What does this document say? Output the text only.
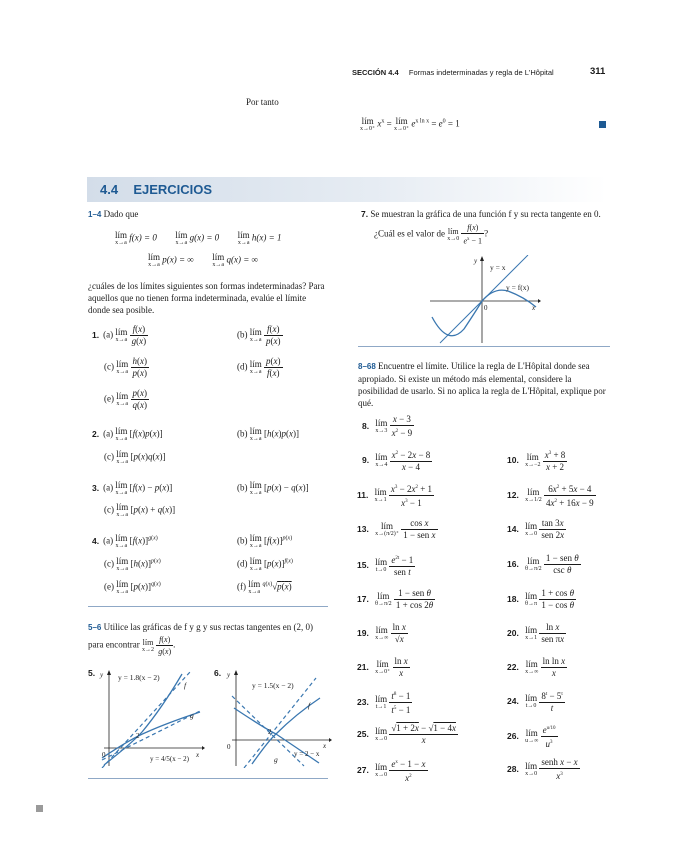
SECCIÓN 4.4 Formas indeterminadas y regla de L'Hôpital	311
Por tanto
lím
x→0⁺
$x^x$ = lím
x→0⁺
$e^{x ln x} = e^0 = 1$
4.4 EJERCICIOS
1–4 Dado que
lím
x→a
f(x) = 0 lím
x→a
g(x) = 0 lím
x→a
h(x) = 1
lím
x→a
p(x) = ∞ lím
x→a
q(x) = ∞
¿cuáles de los límites siguientes son formas indeterminadas? Para aquellos que no tienen forma indeterminada, evalúe el límite donde sea posible.
1. (a) lím
x→a
$\frac{f(x)}{g(x)}$	(b) lím
x→a
$\frac{f(x)}{p(x)}$
(c) lím
x→a
$\frac{h(x)}{p(x)}$	(d) lím
x→a
$\frac{p(x)}{f(x)}$
(e) lím
x→a
$\frac{p(x)}{q(x)}$
2. (a) lím
x→a
[f(x)p(x)]	(b) lím
x→a
[h(x)p(x)]
(c) lím
x→a
[p(x)q(x)]
3. (a) lím
x→a
[f(x) − p(x)]	(b) lím
x→a
[p(x) − q(x)]
(c) lím
x→a
[p(x) + q(x)]
4. (a) lím
x→a
$[f(x)]^{g(x)}$	(b) lím
x→a
$[f(x)]^{p(x)}$
(c) lím
x→a
$[h(x)]^{p(x)}$	(d) lím
x→a
$[p(x)]^{f(x)}$
(e) lím
x→a
$[p(x)]^{q(x)}$	(f) lím
x→a
$^{q(x)}$√p(x)
5–6 Utilice las gráficas de f y g y sus rectas tangentes en (2, 0) para encontrar lím
x→2
$\frac{f(x)}{g(x)}$ .
5.	y = 1.8(x − 2)
f
g
2
0	x
y
y = 4/5(x − 2)
6.
y = 1.5(x − 2)
f
g
2
0	x
y
y = 2 − x
7. Se muestran la gráfica de una función f y su recta tangente en 0.
¿Cuál es el valor de lím
x→0
$\frac{f(x)}{e^x - 1}$ ?
y = x
y = f(x)
0	x
y
8–68 Encuentre el límite. Utilice la regla de L'Hôpital donde sea apropiado. Si existe un método más elemental, considere la posibilidad de usarlo. Si no aplica la regla de L'Hôpital, explique por qué.
8. lím
x→3
$\frac{x - 3}{x^2 - 9}$
9. lím
x→4
$\frac{x^2 - 2x - 8}{x - 4}$	10. lím
x→−2
$\frac{x^3 + 8}{x + 2}$
11. lím
x→1
$\frac{x^3 - 2x^2 + 1}{x^3 - 1}$	12. lím
x→1/2
$\frac{6x^2 + 5x - 4}{4x^2 + 16x - 9}$
13. lím
x→(π/2)⁺
$\frac{\text{cos x}}{\text{1 − sen x}}$	14. lím
x→0
$\frac{\tan 3x}{\text{sen 2x}}$
15. lím
t→0
$\frac{e^{2t} - 1}{\text{sen t}}$	16. lím
θ→π/2
$\frac{\text{1 − sen θ}}{\text{csc θ}}$
17. lím
θ→π/2
$\frac{\text{1 − sen θ}}{1 + \cos 2\theta}$	18. lím
θ→π
$\frac{\text{1 + cos θ}}{\text{1 − cos θ}}$
19. lím
x→∞
$\frac{\text{ln x}}{√x}$	20. lím
x→1
$\frac{\text{ln x}}{\text{sen πx}}$
21. lím
x→0⁺
$\frac{\text{ln x}}{x}$	22. lím
x→∞
$\frac{\text{ln ln x}}{x}$
23. lím
t→1
$\frac{t^8 - 1}{t^5 - 1}$	24. lím
t→0
$\frac{8^t - 5^t}{t}$
25. lím
x→0
$\frac{√1 + 2x - √1 - 4x}{x}$	26. lím
u→∞
$\frac{e^{u/10}}{u^3}$
27. lím
x→0
$\frac{e^x - 1 - x}{x^2}$	28. lím
x→0
$\frac{\text{senh x − x}}{x^3}$
